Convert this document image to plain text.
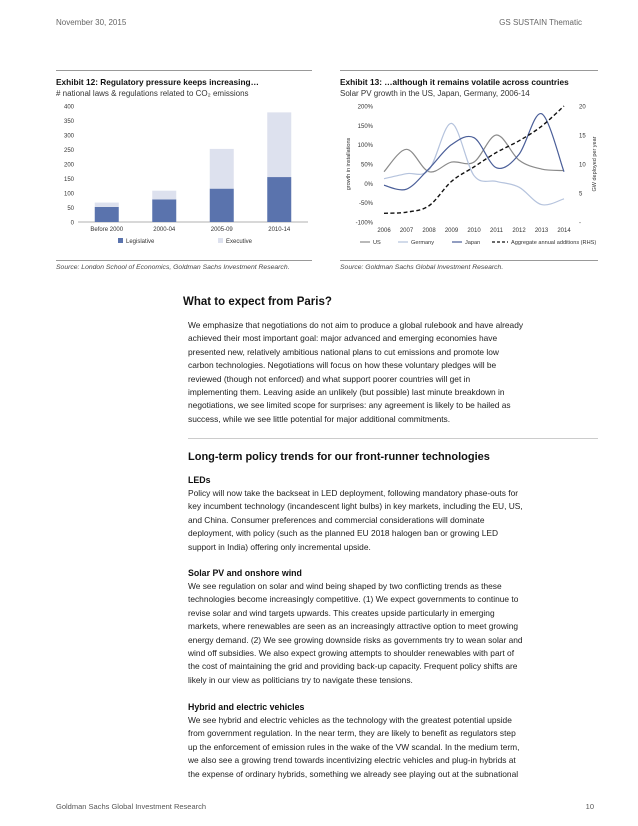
November 30, 2015	GS SUSTAIN Thematic
Exhibit 12: Regulatory pressure keeps increasing…
# national laws & regulations related to CO₂ emissions
0
50
100
150
200
250
300
350
400
Before 2000	2000-04	2005-09	2010-14
Legislative	Executive
Exhibit 13: …although it remains volatile across countries
Solar PV growth in the US, Japan, Germany, 2006-14
-100%
-50%
0%
50%
100%
150%
200%
-
5
10
15
20
growth in installations	GW deployed per year
2006 2007 2008 2009 2010 2011 2012 2013 2014
US	Germany	Japan	Aggregate annual additions (RHS)
Source: London School of Economics, Goldman Sachs Investment Research.	Source: Goldman Sachs Global Investment Research.
What to expect from Paris?

We emphasize that negotiations do not aim to produce a global rulebook and have already
achieved their most important goal: major advanced and emerging economies have
presented new, relatively ambitious national plans to cut emissions and promote low
carbon technologies. Negotiations will focus on how these voluntary pledges will be
reviewed (though not enforced) and what support poorer countries will get in
implementing them. Leaving aside an unlikely (but possible) last minute breakdown in
negotiations, we see limited scope for surprises: any agreement is likely to be hailed as
success, while we see little potential for major additional commitments.

Long-term policy trends for our front-runner technologies
LEDs

Policy will now take the backseat in LED deployment, following mandatory phase-outs for
key incumbent technology (incandescent light bulbs) in key markets, including the EU, US,
and China. Consumer preferences and commercial considerations will dominate
deployment, with policy (such as the planned EU 2018 halogen ban or growing LED
support in India) offering only incremental upside.

Solar PV and onshore wind

We see regulation on solar and wind being shaped by two conflicting trends as these
technologies become increasingly competitive. (1) We expect governments to continue to
revise solar and wind targets upwards. This creates upside particularly in emerging
markets, where renewables are seen as an increasingly attractive option to meet growing
energy demand. (2) We see growing downside risks as governments try to wean solar and
wind off subsidies. We also expect growing attempts to shoulder renewables with part of
the cost of maintaining the grid and providing back-up capacity. Frequent policy shifts are
likely in our view as politicians try to navigate these tensions.

Hybrid and electric vehicles

We see hybrid and electric vehicles as the technology with the greatest potential upside
from government regulation. In the near term, they are likely to benefit as regulators step
up the enforcement of emission rules in the wake of the VW scandal. In the medium term,
we also see a growing trend towards incentivizing electric vehicles and plug-in hybrids at
the expense of ordinary hybrids, something we already see playing out at the subnational

Goldman Sachs Global Investment Research	10
